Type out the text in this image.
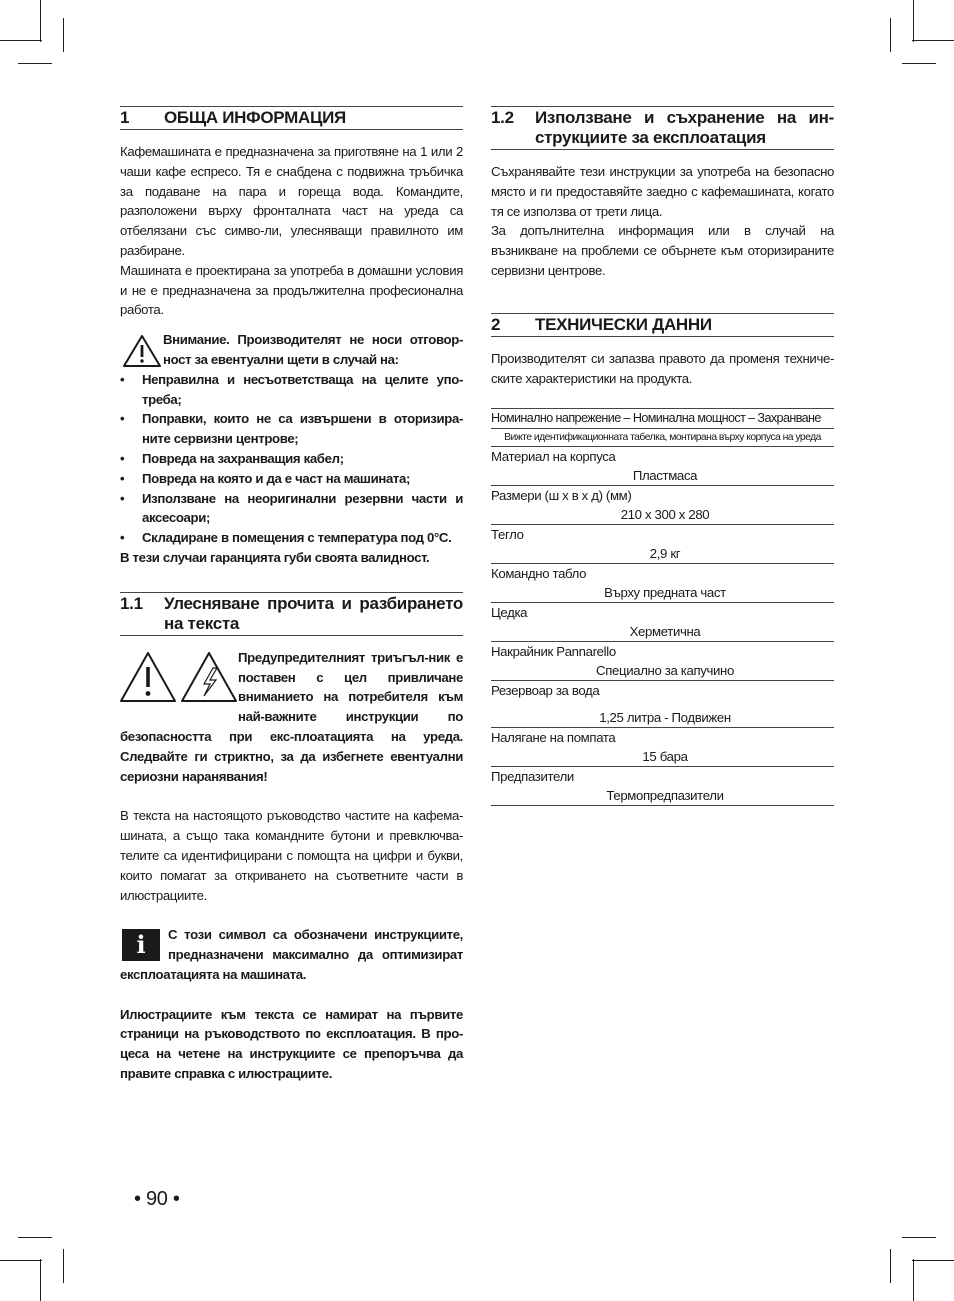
1	ОБЩА ИНФОРМАЦИЯ

Кафемашината е предназначена за приготвяне на 1 или 2 чаши кафе еспресо. Тя е снабдена с подвижна тръбичка за подаване на пара и гореща вода. Командите, разположени върху фронталната част на уреда са отбелязани със симво-ли, улесняващи правилното им разбиране.

Машината е проектирана за употреба в домашни условия и не е предназначена за продължителна професионална работа.

Внимание. Производителят не носи отговор-ност за евентуални щети в случай на:

• Неправилна и несъответстваща на целите упо-треба;
• Поправки, които не са извършени в оторизира-ните сервизни центрове;
• Повреда на захранващия кабел;
• Повреда на която и да е част на машината;
• Използване на неоригинални резервни части и аксесоари;
• Складиране в помещения с температура под 0°C.

В тези случаи гаранцията губи своята валидност.

1.1	Улесняване прочита и разбирането на текста

Предупредителният триъгъл-ник е поставен с цел привличане вниманието на потребителя към най-важните инструкции по безопасността при екс-плоатацията на уреда. Следвайте ги стриктно, за да избегнете евентуални сериозни наранявания!

В текста на настоящото ръководство частите на кафема-шината, а също така командните бутони и превключва-телите са идентифицирани с помощта на цифри и букви, които помагат за откриването на съответните части в илюстрациите.

i	С този символ са обозначени инструкциите, предназначени максимално да оптимизират експлоатацията на машината.

Илюстрациите към текста се намират на първите страници на ръководството по експлоатация. В про-цеса на четене на инструкциите се препоръчва да правите справка с илюстрациите.

1.2	Използване и съхранение на ин-струкциите за експлоатация

Съхранявайте тези инструкции за употреба на безопасно място и ги предоставяйте заедно с кафемашината, когато тя се използва от трети лица.

За допълнителна информация или в случай на възникване на проблеми се обърнете към оторизираните сервизни центрове.

2	ТЕХНИЧЕСКИ ДАННИ

Производителят си запазва правото да променя техниче-ските характеристики на продукта.

Номинално напрежение – Номинална мощност – Захранване
Вижте идентификационната табелка, монтирана върху корпуса на уреда
Материал на корпуса
Пластмаса
Размери (ш x в x д) (мм)
210 x 300 x 280
Тегло
2,9 кг
Командно табло
Върху предната част
Цедка
Херметична
Накрайник Pannarello
Специално за капучино
Резервоар за вода
1,25 литра - Подвижен
Налягане на помпата
15 бара
Предпазители
Термопредпазители
• 90 •
